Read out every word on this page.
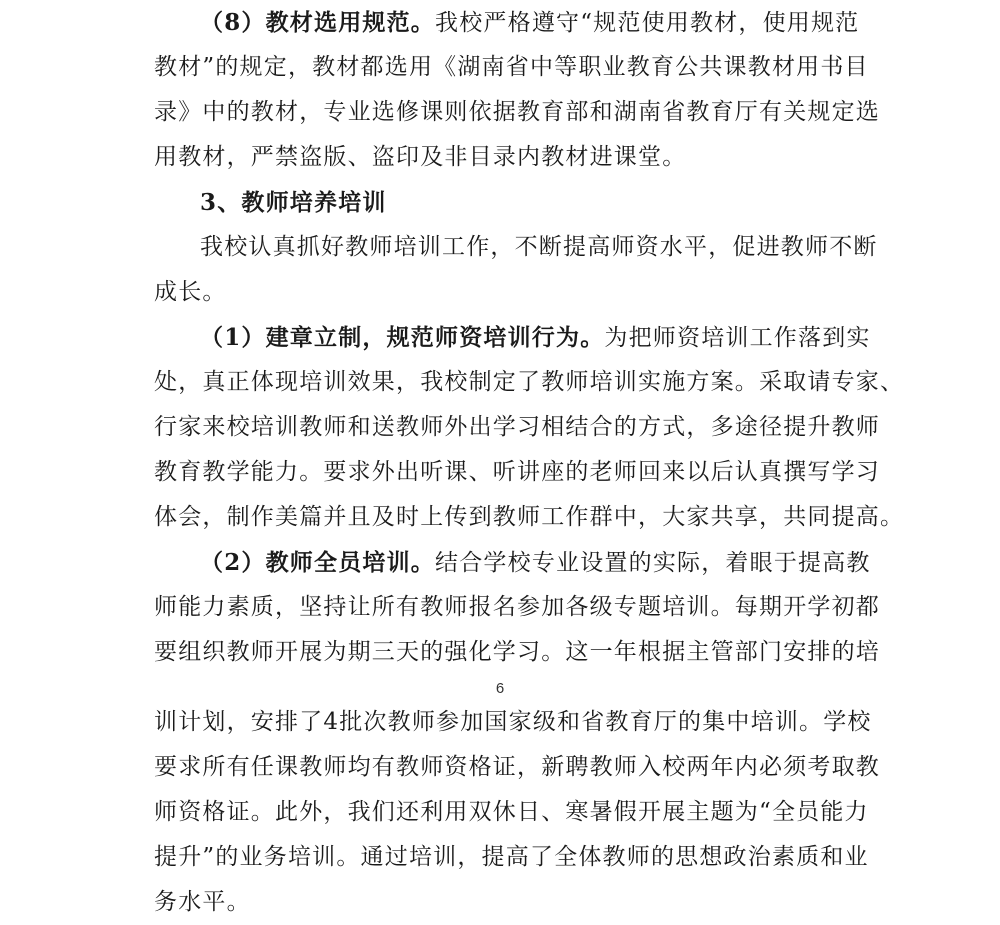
（8）教材选用规范。我校严格遵守“规范使用教材，使用规范
教材”的规定，教材都选用《湖南省中等职业教育公共课教材用书目
录》中的教材，专业选修课则依据教育部和湖南省教育厅有关规定选
用教材，严禁盗版、盗印及非目录内教材进课堂。
3、教师培养培训
我校认真抓好教师培训工作，不断提高师资水平，促进教师不断
成长。
（1）建章立制，规范师资培训行为。为把师资培训工作落到实
处，真正体现培训效果，我校制定了教师培训实施方案。采取请专家、
行家来校培训教师和送教师外出学习相结合的方式，多途径提升教师
教育教学能力。要求外出听课、听讲座的老师回来以后认真撰写学习
体会，制作美篇并且及时上传到教师工作群中，大家共享，共同提高。
（2）教师全员培训。结合学校专业设置的实际，着眼于提高教
师能力素质，坚持让所有教师报名参加各级专题培训。每期开学初都
要组织教师开展为期三天的强化学习。这一年根据主管部门安排的培
6
训计划，安排了4批次教师参加国家级和省教育厅的集中培训。学校
要求所有任课教师均有教师资格证，新聘教师入校两年内必须考取教
师资格证。此外，我们还利用双休日、寒暑假开展主题为“全员能力
提升”的业务培训。通过培训，提高了全体教师的思想政治素质和业
务水平。
